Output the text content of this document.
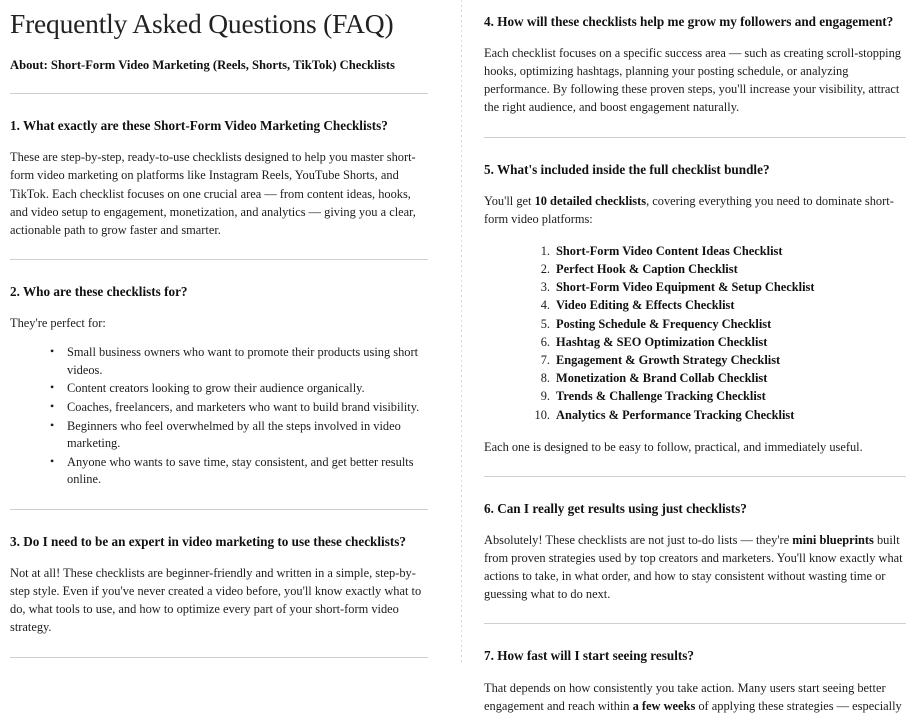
Frequently Asked Questions (FAQ)
About: Short-Form Video Marketing (Reels, Shorts, TikTok) Checklists
1. What exactly are these Short-Form Video Marketing Checklists?

These are step-by-step, ready-to-use checklists designed to help you master short-form video marketing on platforms like Instagram Reels, YouTube Shorts, and TikTok. Each checklist focuses on one crucial area — from content ideas, hooks, and video setup to engagement, monetization, and analytics — giving you a clear, actionable path to grow faster and smarter.

2. Who are these checklists for?

They're perfect for:

• Small business owners who want to promote their products using short videos.
• Content creators looking to grow their audience organically.
• Coaches, freelancers, and marketers who want to build brand visibility.
• Beginners who feel overwhelmed by all the steps involved in video marketing.
• Anyone who wants to save time, stay consistent, and get better results online.
3. Do I need to be an expert in video marketing to use these checklists?

Not at all! These checklists are beginner-friendly and written in a simple, step-by-step style. Even if you've never created a video before, you'll know exactly what to do, what tools to use, and how to optimize every part of your short-form video strategy.

4. How will these checklists help me grow my followers and engagement?

Each checklist focuses on a specific success area — such as creating scroll-stopping hooks, optimizing hashtags, planning your posting schedule, or analyzing performance. By following these proven steps, you'll increase your visibility, attract the right audience, and boost engagement naturally.

5. What's included inside the full checklist bundle?

You'll get 10 detailed checklists, covering everything you need to dominate short-form video platforms:

Short-Form Video Content Ideas Checklist
Perfect Hook & Caption Checklist
Short-Form Video Equipment & Setup Checklist
Video Editing & Effects Checklist
Posting Schedule & Frequency Checklist
Hashtag & SEO Optimization Checklist
Engagement & Growth Strategy Checklist
Monetization & Brand Collab Checklist
Trends & Challenge Tracking Checklist
Analytics & Performance Tracking Checklist

Each one is designed to be easy to follow, practical, and immediately useful.

6. Can I really get results using just checklists?

Absolutely! These checklists are not just to-do lists — they're mini blueprints built from proven strategies used by top creators and marketers. You'll know exactly what actions to take, in what order, and how to stay consistent without wasting time or guessing what to do next.

7. How fast will I start seeing results?

That depends on how consistently you take action. Many users start seeing better engagement and reach within a few weeks of applying these strategies — especially
